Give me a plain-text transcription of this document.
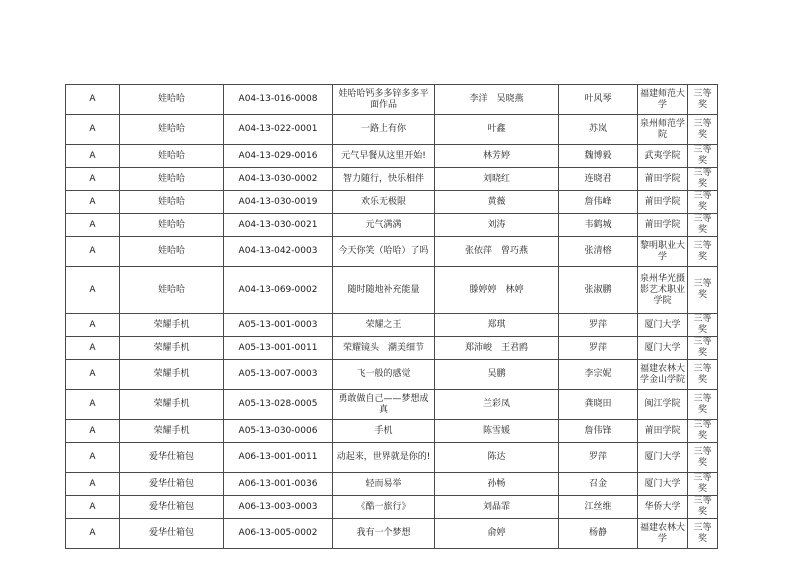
A	娃哈哈	A04-13-016-0008	娃哈哈钙多多锌多多平面作品	李洋　吴晓燕	叶风琴	福建师范大学	三等奖
A	娃哈哈	A04-13-022-0001	一路上有你	叶鑫	苏岚	泉州师范学院	三等奖
A	娃哈哈	A04-13-029-0016	元气早餐从这里开始!	林芳婷	魏博毅	武夷学院	三等奖
A	娃哈哈	A04-13-030-0002	智力随行，快乐相伴	刘晓红	连晓君	莆田学院	三等奖
A	娃哈哈	A04-13-030-0019	欢乐无极限	黄薇	詹伟峰	莆田学院	三等奖
A	娃哈哈	A04-13-030-0021	元气满满	刘涛	韦鹤城	莆田学院	三等奖
A	娃哈哈	A04-13-042-0003	今天你笑（哈哈）了吗	张依萍　曾巧燕	张清榕	黎明职业大学	三等奖
A	娃哈哈	A04-13-069-0002	随时随地补充能量	滕婷婷　林婷	张淑鹏	泉州华光摄影艺术职业学院	三等奖
A	荣耀手机	A05-13-001-0003	荣耀之王	郑琪	罗萍	厦门大学	三等奖
A	荣耀手机	A05-13-001-0011	荣耀镜头　潮美细节	郑沛峻　王君鸥	罗萍	厦门大学	三等奖
A	荣耀手机	A05-13-007-0003	飞一般的感觉	吴鹏	李宗妮	福建农林大学金山学院	三等奖
A	荣耀手机	A05-13-028-0005	勇敢做自己——梦想成真	兰彩凤	龚晓田	闽江学院	三等奖
A	荣耀手机	A05-13-030-0006	手机	陈雪媛	詹伟锋	莆田学院	三等奖
A	爱华仕箱包	A06-13-001-0011	动起来，世界就是你的!	陈达	罗萍	厦门大学	三等奖
A	爱华仕箱包	A06-13-001-0036	轻而易举	孙畅	召金	厦门大学	三等奖
A	爱华仕箱包	A06-13-003-0003	《酷一旅行》	刘晶霏	江丝维	华侨大学	三等奖
A	爱华仕箱包	A06-13-005-0002	我有一个梦想	俞婷	杨静	福建农林大学	三等奖
